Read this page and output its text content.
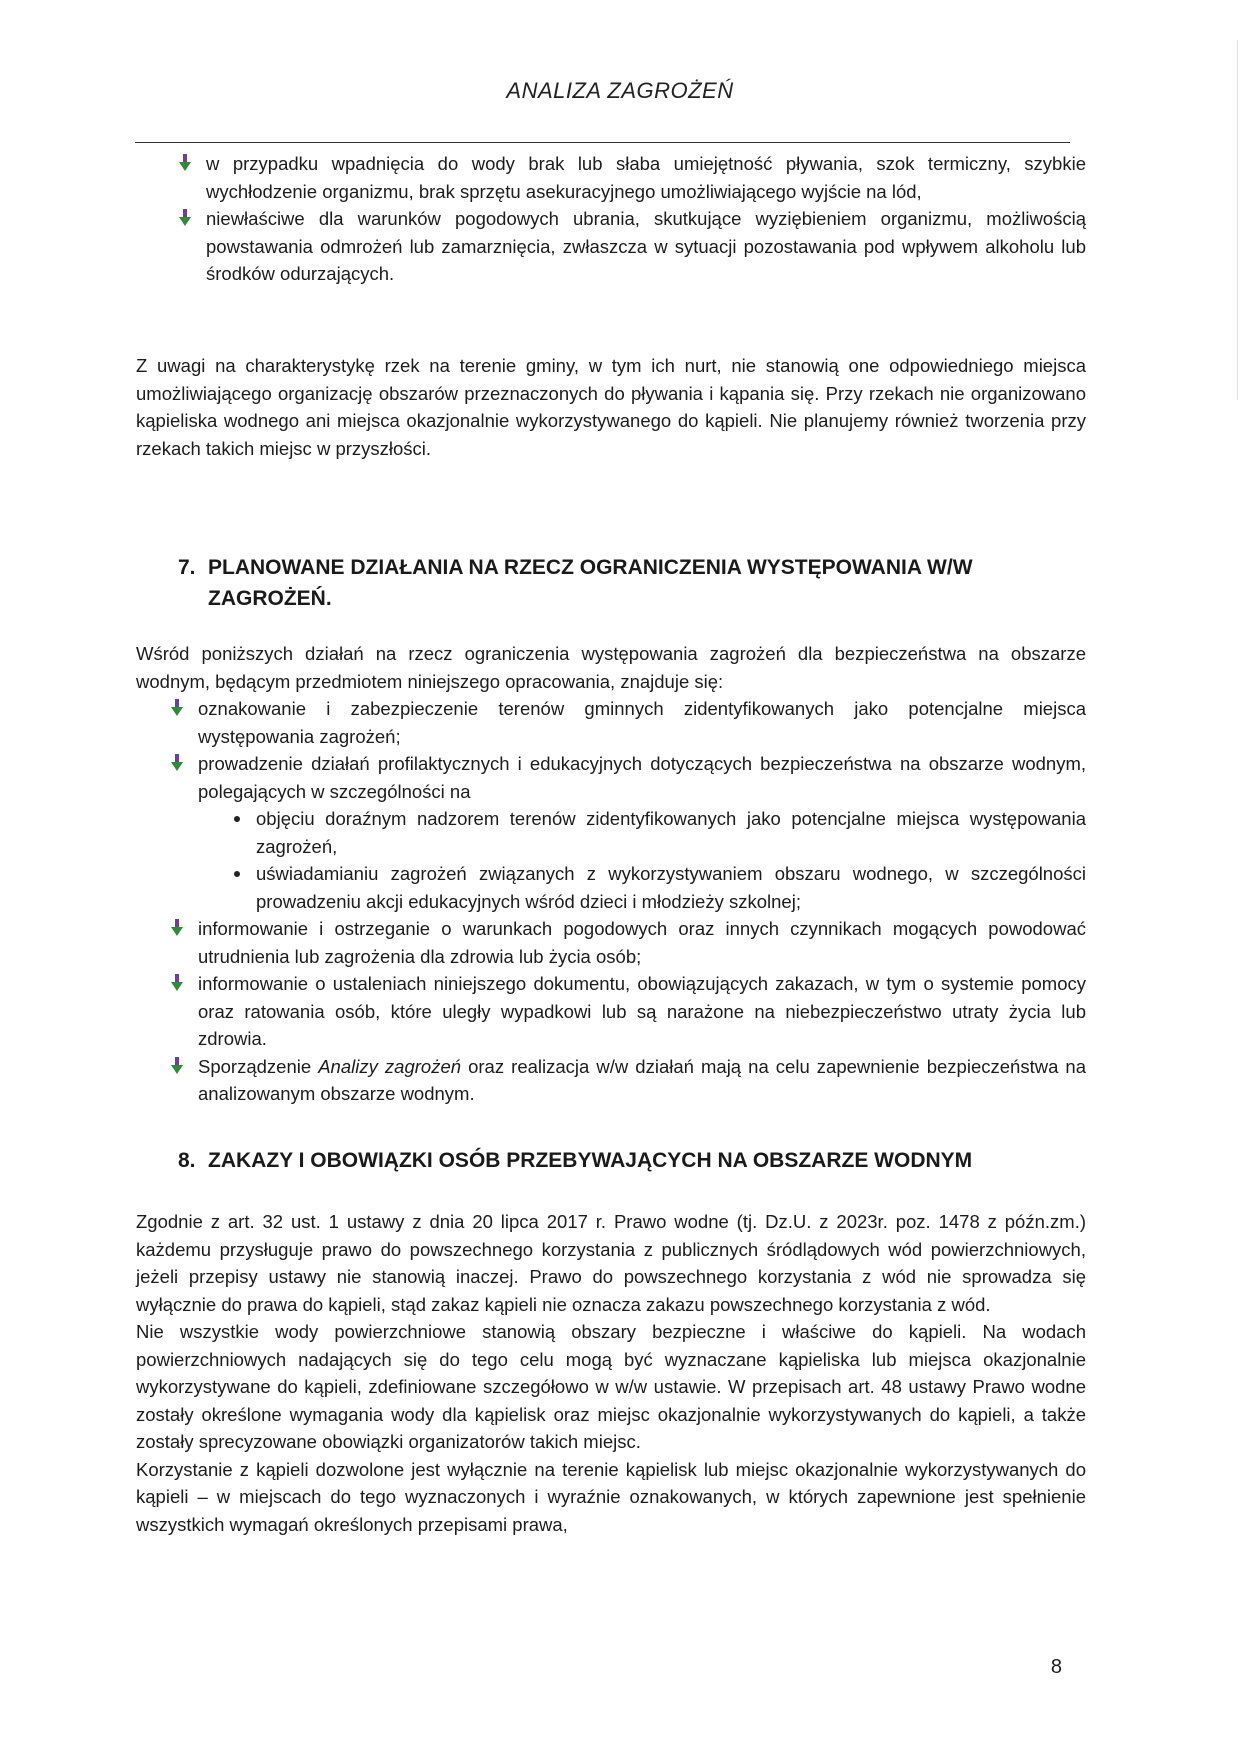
ANALIZA ZAGROŻEŃ
w przypadku wpadnięcia do wody brak lub słaba umiejętność pływania, szok termiczny, szybkie wychłodzenie organizmu, brak sprzętu asekuracyjnego umożliwiającego wyjście na lód,
niewłaściwe dla warunków pogodowych ubrania, skutkujące wyziębieniem organizmu, możliwością powstawania odmrożeń lub zamarznięcia, zwłaszcza w sytuacji pozostawania pod wpływem alkoholu lub środków odurzających.
Z uwagi na charakterystykę rzek na terenie gminy, w tym ich nurt, nie stanowią one odpowiedniego miejsca umożliwiającego organizację obszarów przeznaczonych do pływania i kąpania się. Przy rzekach nie organizowano kąpieliska wodnego ani miejsca okazjonalnie wykorzystywanego do kąpieli. Nie planujemy również tworzenia przy rzekach takich miejsc w przyszłości.
7. PLANOWANE DZIAŁANIA NA RZECZ OGRANICZENIA WYSTĘPOWANIA W/W
ZAGROŻEŃ.
Wśród poniższych działań na rzecz ograniczenia występowania zagrożeń dla bezpieczeństwa na obszarze wodnym, będącym przedmiotem niniejszego opracowania, znajduje się:
oznakowanie i zabezpieczenie terenów gminnych zidentyfikowanych jako potencjalne miejsca występowania zagrożeń;
prowadzenie działań profilaktycznych i edukacyjnych dotyczących bezpieczeństwa na obszarze wodnym, polegających w szczególności na
objęciu doraźnym nadzorem terenów zidentyfikowanych jako potencjalne miejsca występowania zagrożeń,
uświadamianiu zagrożeń związanych z wykorzystywaniem obszaru wodnego, w szczególności prowadzeniu akcji edukacyjnych wśród dzieci i młodzieży szkolnej;
informowanie i ostrzeganie o warunkach pogodowych oraz innych czynnikach mogących powodować utrudnienia lub zagrożenia dla zdrowia lub życia osób;
informowanie o ustaleniach niniejszego dokumentu, obowiązujących zakazach, w tym o systemie pomocy oraz ratowania osób, które uległy wypadkowi lub są narażone na niebezpieczeństwo utraty życia lub zdrowia.
Sporządzenie Analizy zagrożeń oraz realizacja w/w działań mają na celu zapewnienie bezpieczeństwa na analizowanym obszarze wodnym.
8. ZAKAZY I OBOWIĄZKI OSÓB PRZEBYWAJĄCYCH NA OBSZARZE WODNYM

Zgodnie z art. 32 ust. 1 ustawy z dnia 20 lipca 2017 r. Prawo wodne (tj. Dz.U. z 2023r. poz. 1478 z późn.zm.) każdemu przysługuje prawo do powszechnego korzystania z publicznych śródlądowych wód powierzchniowych, jeżeli przepisy ustawy nie stanowią inaczej. Prawo do powszechnego korzystania z wód nie sprowadza się wyłącznie do prawa do kąpieli, stąd zakaz kąpieli nie oznacza zakazu powszechnego korzystania z wód.

Nie wszystkie wody powierzchniowe stanowią obszary bezpieczne i właściwe do kąpieli. Na wodach powierzchniowych nadających się do tego celu mogą być wyznaczane kąpieliska lub miejsca okazjonalnie wykorzystywane do kąpieli, zdefiniowane szczegółowo w w/w ustawie. W przepisach art. 48 ustawy Prawo wodne zostały określone wymagania wody dla kąpielisk oraz miejsc okazjonalnie wykorzystywanych do kąpieli, a także zostały sprecyzowane obowiązki organizatorów takich miejsc.

Korzystanie z kąpieli dozwolone jest wyłącznie na terenie kąpielisk lub miejsc okazjonalnie wykorzystywanych do kąpieli – w miejscach do tego wyznaczonych i wyraźnie oznakowanych, w których zapewnione jest spełnienie wszystkich wymagań określonych przepisami prawa,

8
